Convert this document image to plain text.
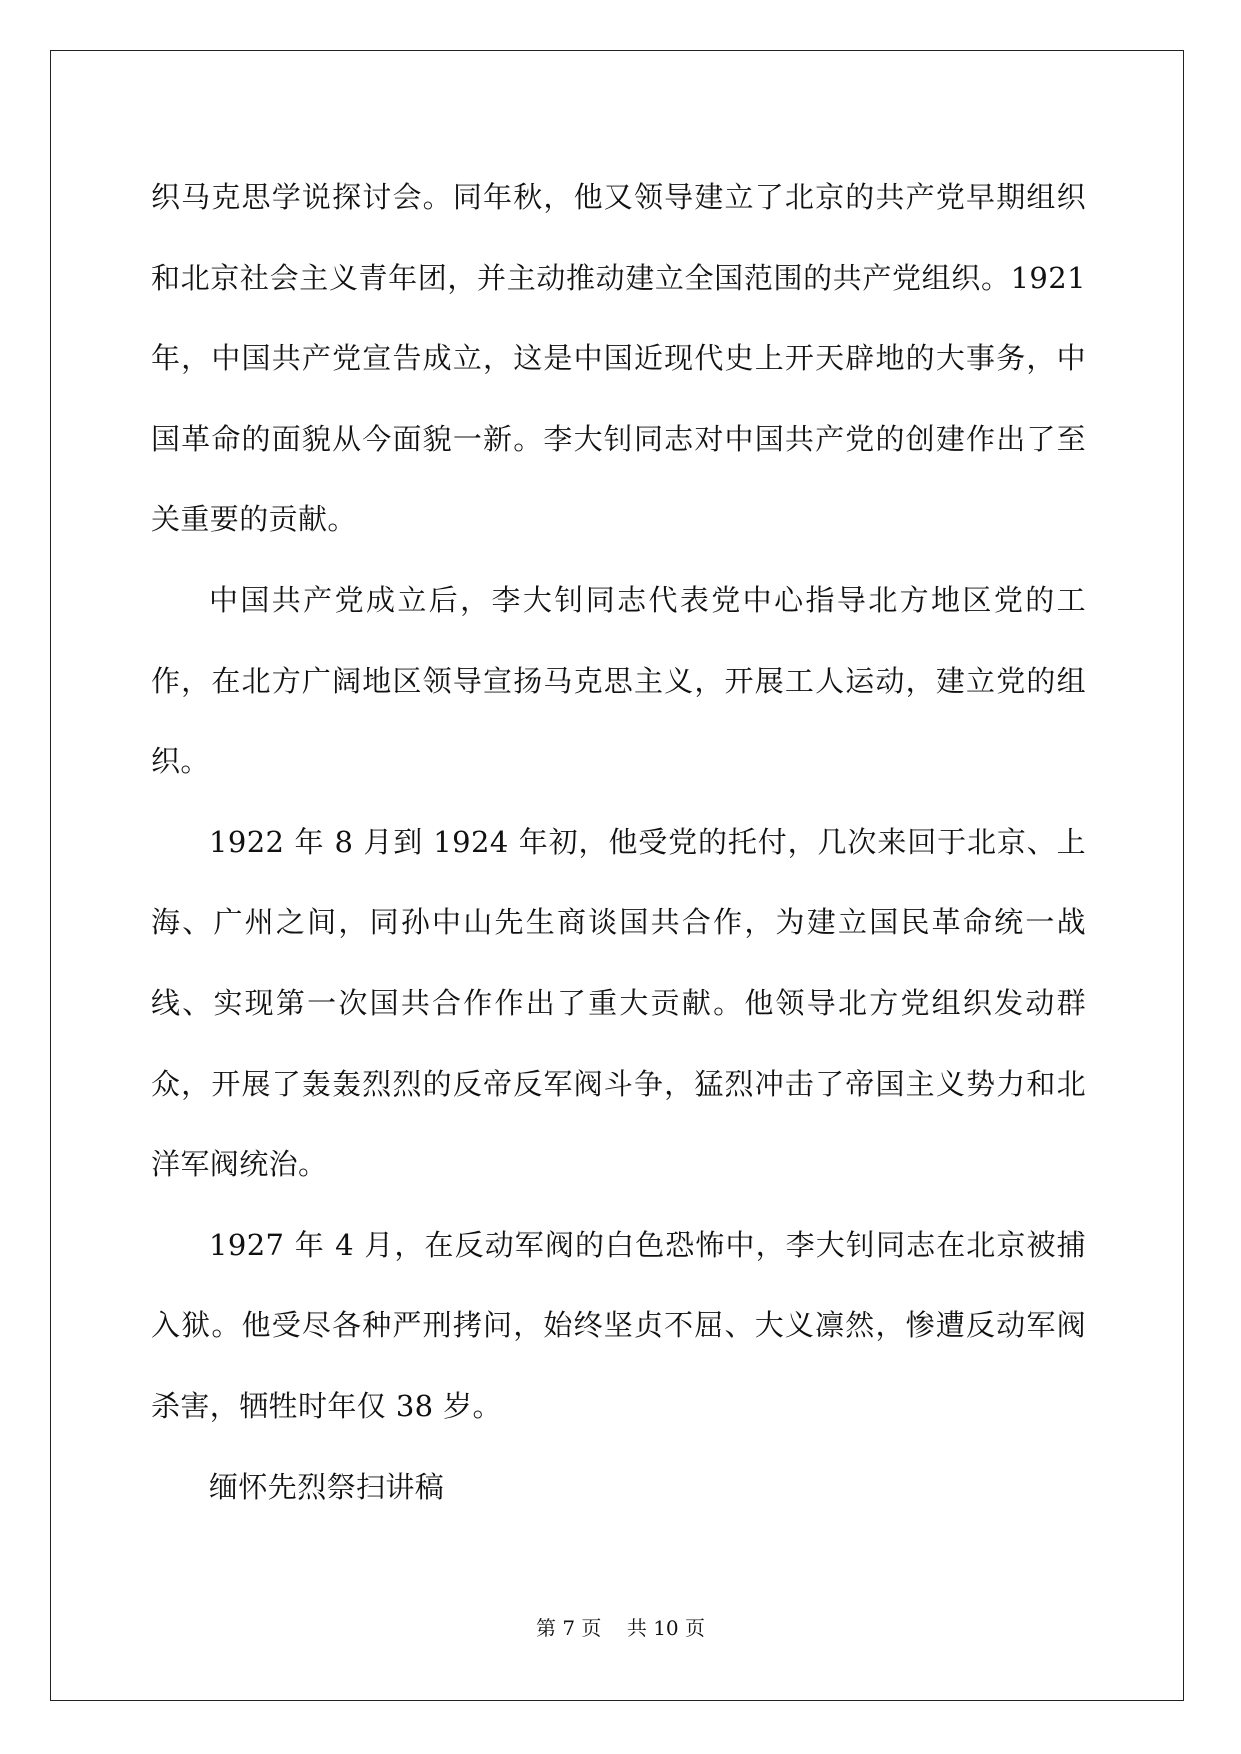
织马克思学说探讨会。同年秋，他又领导建立了北京的共产党早期组织和北京社会主义青年团，并主动推动建立全国范围的共产党组织。1921 年，中国共产党宣告成立，这是中国近现代史上开天辟地的大事务，中国革命的面貌从今面貌一新。李大钊同志对中国共产党的创建作出了至关重要的贡献。

中国共产党成立后，李大钊同志代表党中心指导北方地区党的工作，在北方广阔地区领导宣扬马克思主义，开展工人运动，建立党的组织。

1922 年 8 月到 1924 年初，他受党的托付，几次来回于北京、上海、广州之间，同孙中山先生商谈国共合作，为建立国民革命统一战线、实现第一次国共合作作出了重大贡献。他领导北方党组织发动群众，开展了轰轰烈烈的反帝反军阀斗争，猛烈冲击了帝国主义势力和北洋军阀统治。

1927 年 4 月，在反动军阀的白色恐怖中，李大钊同志在北京被捕入狱。他受尽各种严刑拷问，始终坚贞不屈、大义凛然，惨遭反动军阀杀害，牺牲时年仅 38 岁。

缅怀先烈祭扫讲稿

第 7 页    共 10 页
